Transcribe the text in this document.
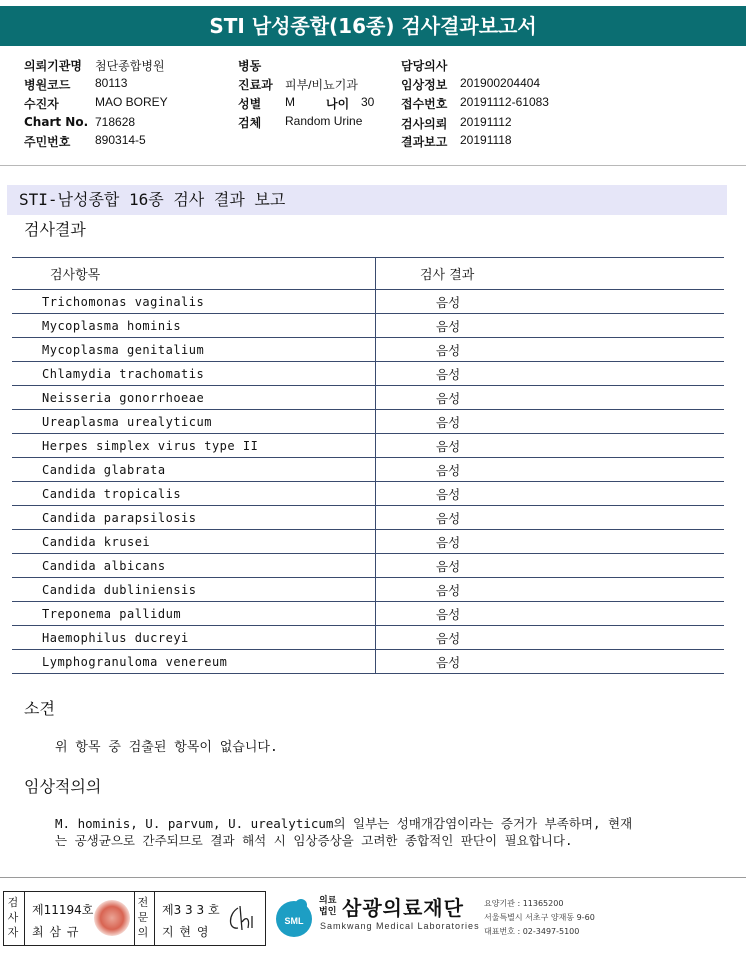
STI 남성종합(16종) 검사결과보고서
의뢰기관명 첨단종합병원
병원코드 80113
수진자	MAO BOREY
Chart No. 718628
주민번호 890314-5
병동
진료과 피부/비뇨기과
성별 M	나이 30
검체 Random Urine
담당의사
임상정보 201900204404
접수번호 20191112-61083
검사의뢰 20191112
결과보고 20191118
STI-남성종합 16종 검사 결과 보고
검사결과
검사항목	검사 결과
Trichomonas vaginalis	음성
Mycoplasma hominis	음성
Mycoplasma genitalium	음성
Chlamydia trachomatis	음성
Neisseria gonorrhoeae	음성
Ureaplasma urealyticum	음성
Herpes simplex virus type II	음성
Candida glabrata	음성
Candida tropicalis	음성
Candida parapsilosis	음성
Candida krusei	음성
Candida albicans	음성
Candida dubliniensis	음성
Treponema pallidum	음성
Haemophilus ducreyi	음성
Lymphogranuloma venereum	음성
소견
위 항목 중 검출된 항목이 없습니다.
임상적의의
M. hominis, U. parvum, U. urealyticum의 일부는 성매개감염이라는 증거가 부족하며, 현재
는 공생균으로 간주되므로 결과 해석 시 임상증상을 고려한 종합적인 판단이 필요합니다.
검사자
제11194호
최 삼 규
전문의
제3 3 3 호
지 현 영
SML
의료법인 삼광의료재단
Samkwang Medical Laboratories
요양기관 : 11365200
서울특별시 서초구 양재동 9-60
대표번호 : 02-3497-5100
